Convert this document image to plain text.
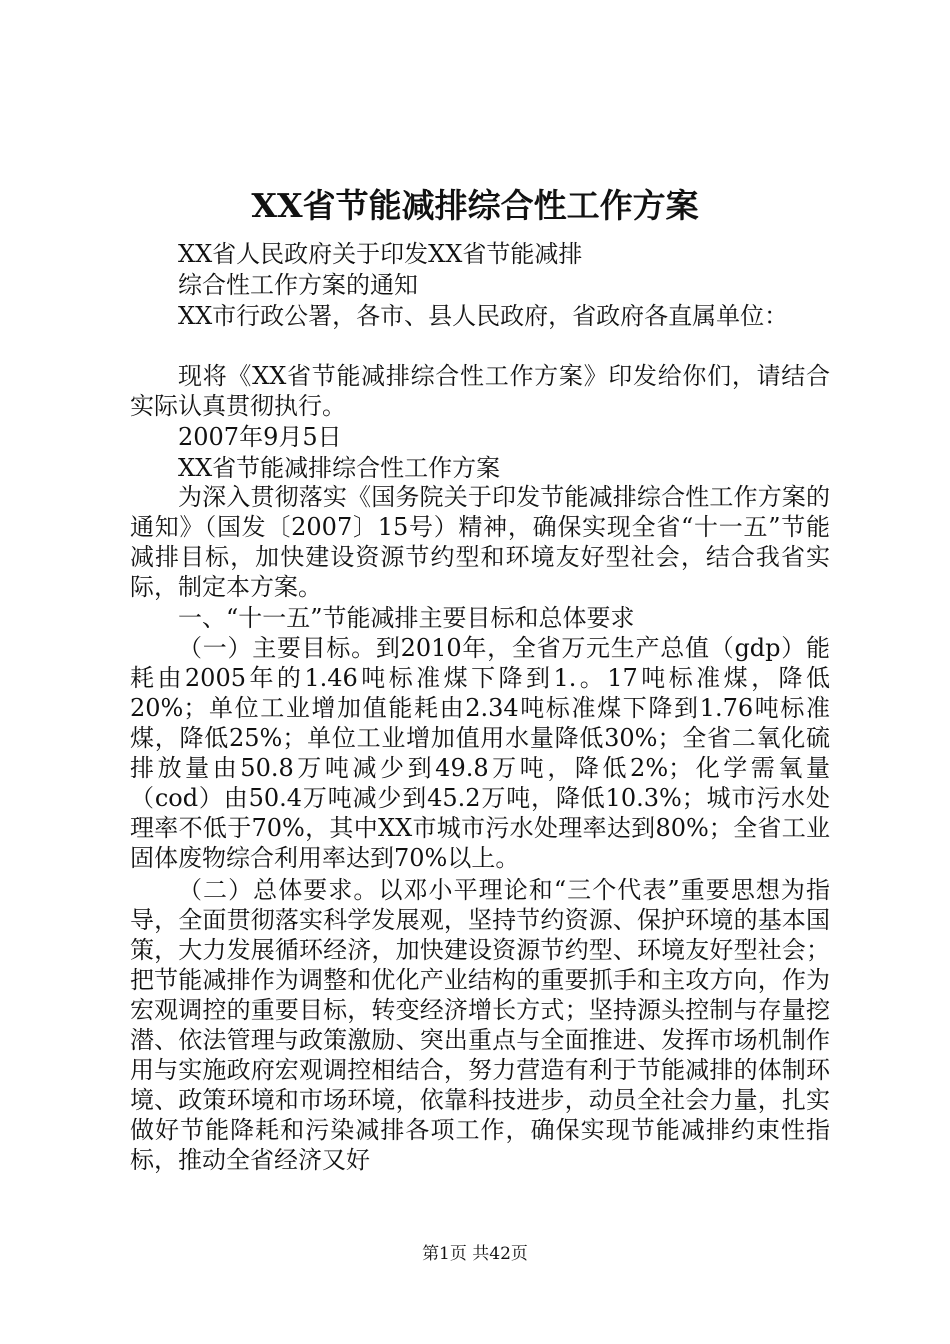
XX省节能减排综合性工作方案

XX省人民政府关于印发XX省节能减排

综合性工作方案的通知

XX市行政公署，各市、县人民政府，省政府各直属单位：

现将《XX省节能减排综合性工作方案》印发给你们，请结合实际认真贯彻执行。

2007年9月5日

XX省节能减排综合性工作方案

为深入贯彻落实《国务院关于印发节能减排综合性工作方案的通知》（国发〔2007〕15号）精神，确保实现全省“十一五”节能减排目标，加快建设资源节约型和环境友好型社会，结合我省实际，制定本方案。

一、“十一五”节能减排主要目标和总体要求

（一）主要目标。到2010年，全省万元生产总值（gdp）能耗由2005年的1.46吨标准煤下降到1.。17吨标准煤，降低20%；单位工业增加值能耗由2.34吨标准煤下降到1.76吨标准煤，降低25%；单位工业增加值用水量降低30%；全省二氧化硫排放量由50.8万吨减少到49.8万吨，降低2%；化学需氧量（cod）由50.4万吨减少到45.2万吨，降低10.3%；城市污水处理率不低于70%，其中XX市城市污水处理率达到80%；全省工业固体废物综合利用率达到70%以上。

（二）总体要求。以邓小平理论和“三个代表”重要思想为指导，全面贯彻落实科学发展观，坚持节约资源、保护环境的基本国策，大力发展循环经济，加快建设资源节约型、环境友好型社会；把节能减排作为调整和优化产业结构的重要抓手和主攻方向，作为宏观调控的重要目标，转变经济增长方式；坚持源头控制与存量挖潜、依法管理与政策激励、突出重点与全面推进、发挥市场机制作用与实施政府宏观调控相结合，努力营造有利于节能减排的体制环境、政策环境和市场环境，依靠科技进步，动员全社会力量，扎实做好节能降耗和污染减排各项工作，确保实现节能减排约束性指标，推动全省经济又好

第1页 共42页
